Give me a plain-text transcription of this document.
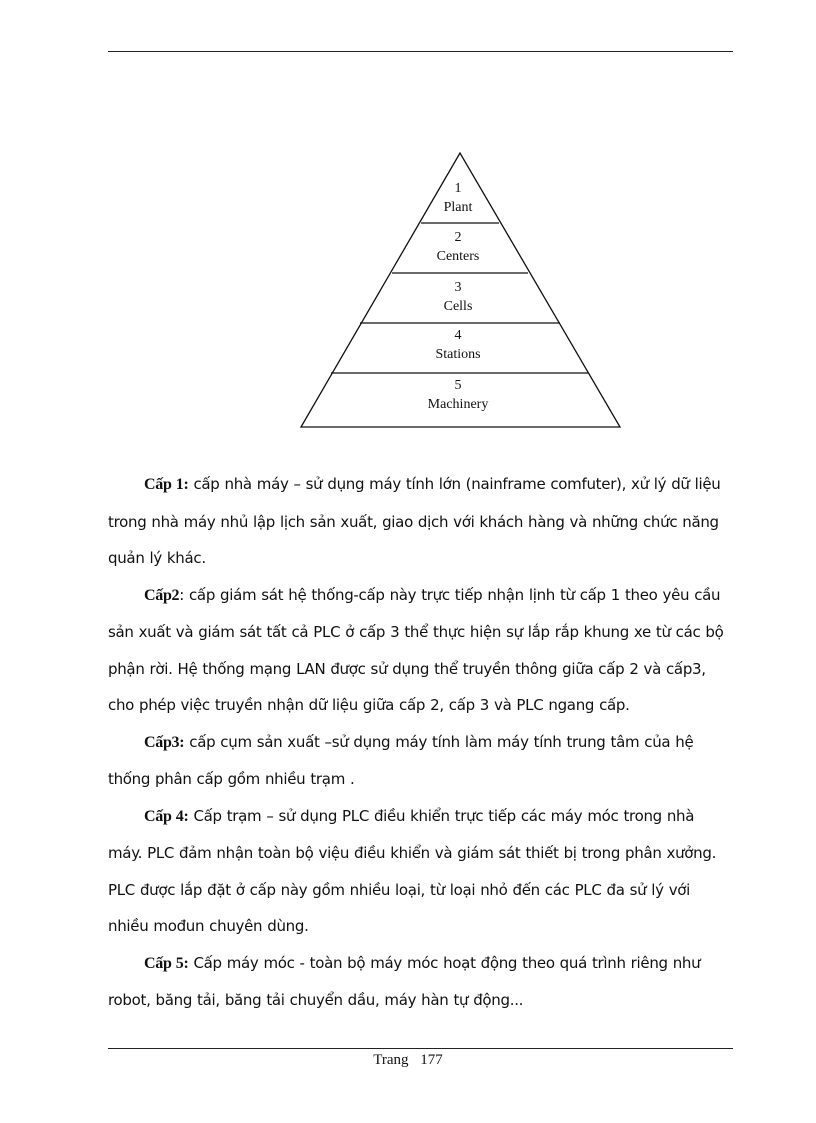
1
Plant
2
Centers
3
Cells
4
Stations
5
Machinery

Cấp 1: cấp nhà máy – sử dụng máy tính lớn (nainframe comfuter), xử lý dữ liệu trong nhà máy nhủ lập lịch sản xuất, giao dịch với khách hàng và những chức năng quản lý khác.

Cấp2: cấp giám sát hệ thống-cấp này trực tiếp nhận lịnh từ cấp 1 theo yêu cầu sản xuất và giám sát tất cả PLC ở cấp 3 thể thực hiện sự lắp rắp khung xe từ các bộ phận rời. Hệ thống mạng LAN được sử dụng thể truyền thông giữa cấp 2 và cấp3, cho phép việc truyền nhận dữ liệu giữa cấp 2, cấp 3 và PLC ngang cấp.

Cấp3: cấp cụm sản xuất –sử dụng máy tính làm máy tính trung tâm của hệ thống phân cấp gồm nhiều trạm .

Cấp 4: Cấp trạm – sử dụng PLC điều khiển trực tiếp các máy móc trong nhà máy. PLC đảm nhận toàn bộ việu điều khiển và giám sát thiết bị trong phân xưởng. PLC được lắp đặt ở cấp này gồm nhiều loại, từ loại nhỏ đến các PLC đa sử lý với nhiều mođun chuyên dùng.

Cấp 5: Cấp máy móc - toàn bộ máy móc hoạt động theo quá trình riêng như robot, băng tải, băng tải chuyển dầu, máy hàn tự động...

Trang 177
